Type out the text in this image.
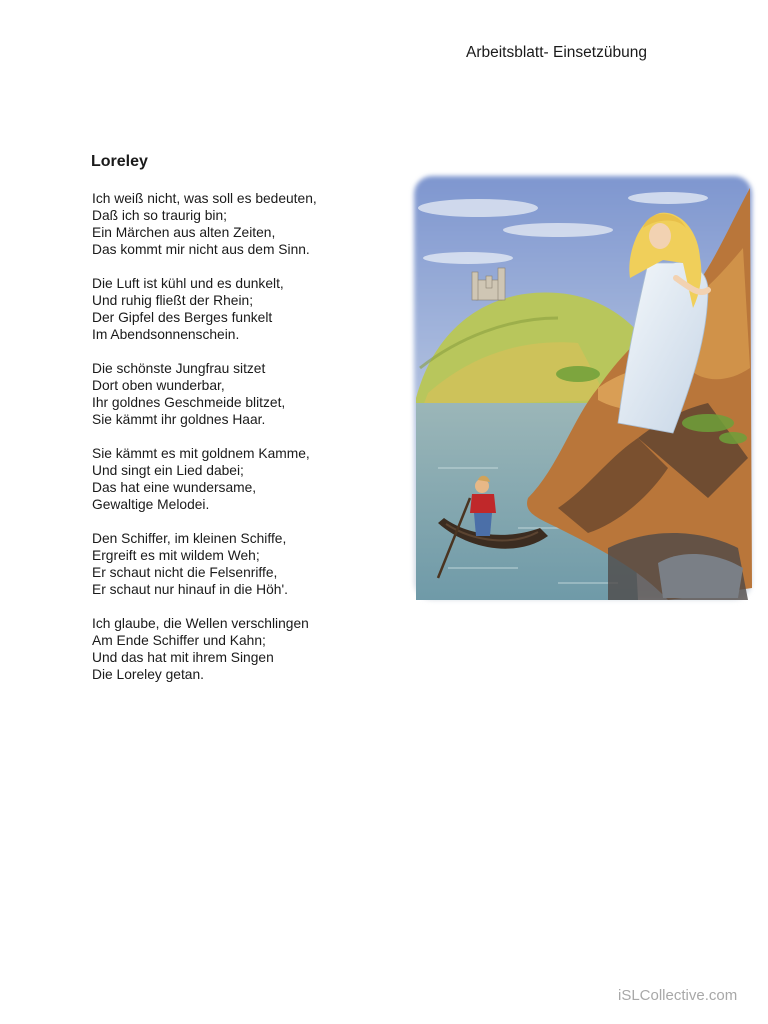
Arbeitsblatt- Einsetzübung
Loreley
Ich weiß nicht, was soll es bedeuten,
Daß ich so traurig bin;
Ein Märchen aus alten Zeiten,
Das kommt mir nicht aus dem Sinn.
Die Luft ist kühl und es dunkelt,
Und ruhig fließt der Rhein;
Der Gipfel des Berges funkelt
Im Abendsonnenschein.
Die schönste Jungfrau sitzet
Dort oben wunderbar,
Ihr goldnes Geschmeide blitzet,
Sie kämmt ihr goldnes Haar.
Sie kämmt es mit goldnem Kamme,
Und singt ein Lied dabei;
Das hat eine wundersame,
Gewaltige Melodei.
Den Schiffer, im kleinen Schiffe,
Ergreift es mit wildem Weh;
Er schaut nicht die Felsenriffe,
Er schaut nur hinauf in die Höh'.
Ich glaube, die Wellen verschlingen
Am Ende Schiffer und Kahn;
Und das hat mit ihrem Singen
Die Loreley getan.
iSLCollective.com
